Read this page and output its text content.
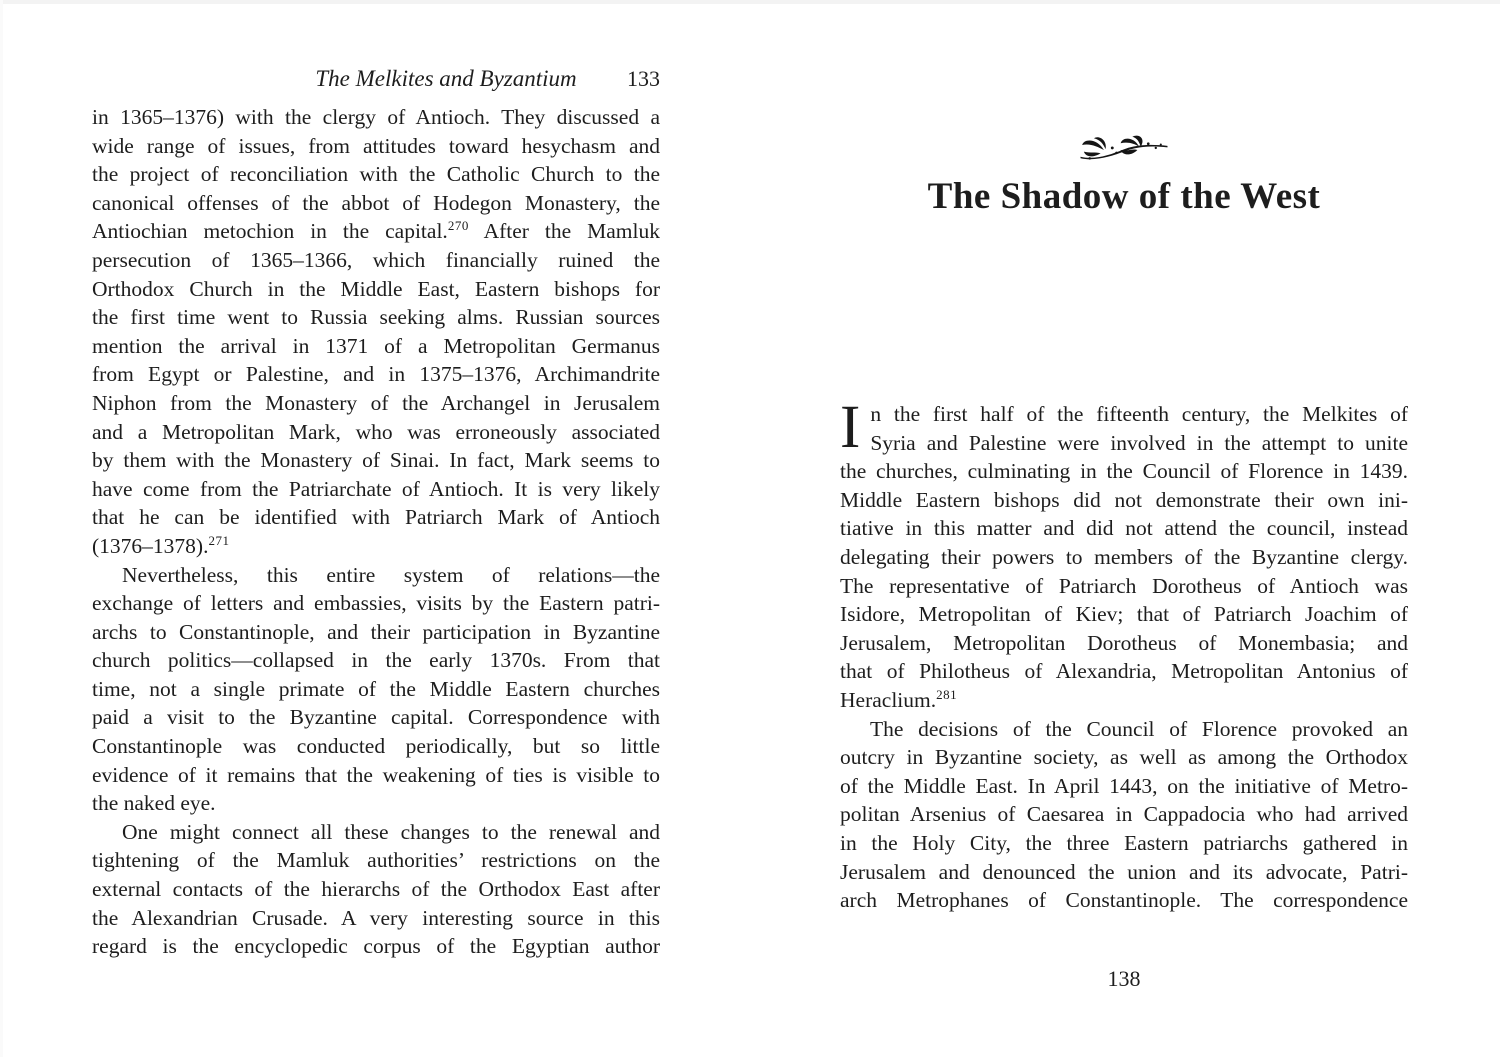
The Melkites and Byzantium 133
in 1365–1376) with the clergy of Antioch. They discussed a
wide range of issues, from attitudes toward hesychasm and
the project of reconciliation with the Catholic Church to the
canonical offenses of the abbot of Hodegon Monastery, the
Antiochian metochion in the capital.$^{270}$ After the Mamluk
persecution of 1365–1366, which financially ruined the
Orthodox Church in the Middle East, Eastern bishops for
the first time went to Russia seeking alms. Russian sources
mention the arrival in 1371 of a Metropolitan Germanus
from Egypt or Palestine, and in 1375–1376, Archimandrite
Niphon from the Monastery of the Archangel in Jerusalem
and a Metropolitan Mark, who was erroneously associated
by them with the Monastery of Sinai. In fact, Mark seems to
have come from the Patriarchate of Antioch. It is very likely
that he can be identified with Patriarch Mark of Antioch
(1376–1378).$^{271}$
Nevertheless, this entire system of relations—the
exchange of letters and embassies, visits by the Eastern patri-
archs to Constantinople, and their participation in Byzantine
church politics—collapsed in the early 1370s. From that
time, not a single primate of the Middle Eastern churches
paid a visit to the Byzantine capital. Correspondence with
Constantinople was conducted periodically, but so little
evidence of it remains that the weakening of ties is visible to
the naked eye.
One might connect all these changes to the renewal and
tightening of the Mamluk authorities’ restrictions on the
external contacts of the hierarchs of the Orthodox East after
the Alexandrian Crusade. A very interesting source in this
regard is the encyclopedic corpus of the Egyptian author
The Shadow of the West
I n the first half of the fifteenth century, the Melkites of
Syria and Palestine were involved in the attempt to unite
the churches, culminating in the Council of Florence in 1439.
Middle Eastern bishops did not demonstrate their own ini-
tiative in this matter and did not attend the council, instead
delegating their powers to members of the Byzantine clergy.
The representative of Patriarch Dorotheus of Antioch was
Isidore, Metropolitan of Kiev; that of Patriarch Joachim of
Jerusalem, Metropolitan Dorotheus of Monembasia; and
that of Philotheus of Alexandria, Metropolitan Antonius of
Heraclium.$^{281}$
The decisions of the Council of Florence provoked an
outcry in Byzantine society, as well as among the Orthodox
of the Middle East. In April 1443, on the initiative of Metro-
politan Arsenius of Caesarea in Cappadocia who had arrived
in the Holy City, the three Eastern patriarchs gathered in
Jerusalem and denounced the union and its advocate, Patri-
arch Metrophanes of Constantinople. The correspondence
138
